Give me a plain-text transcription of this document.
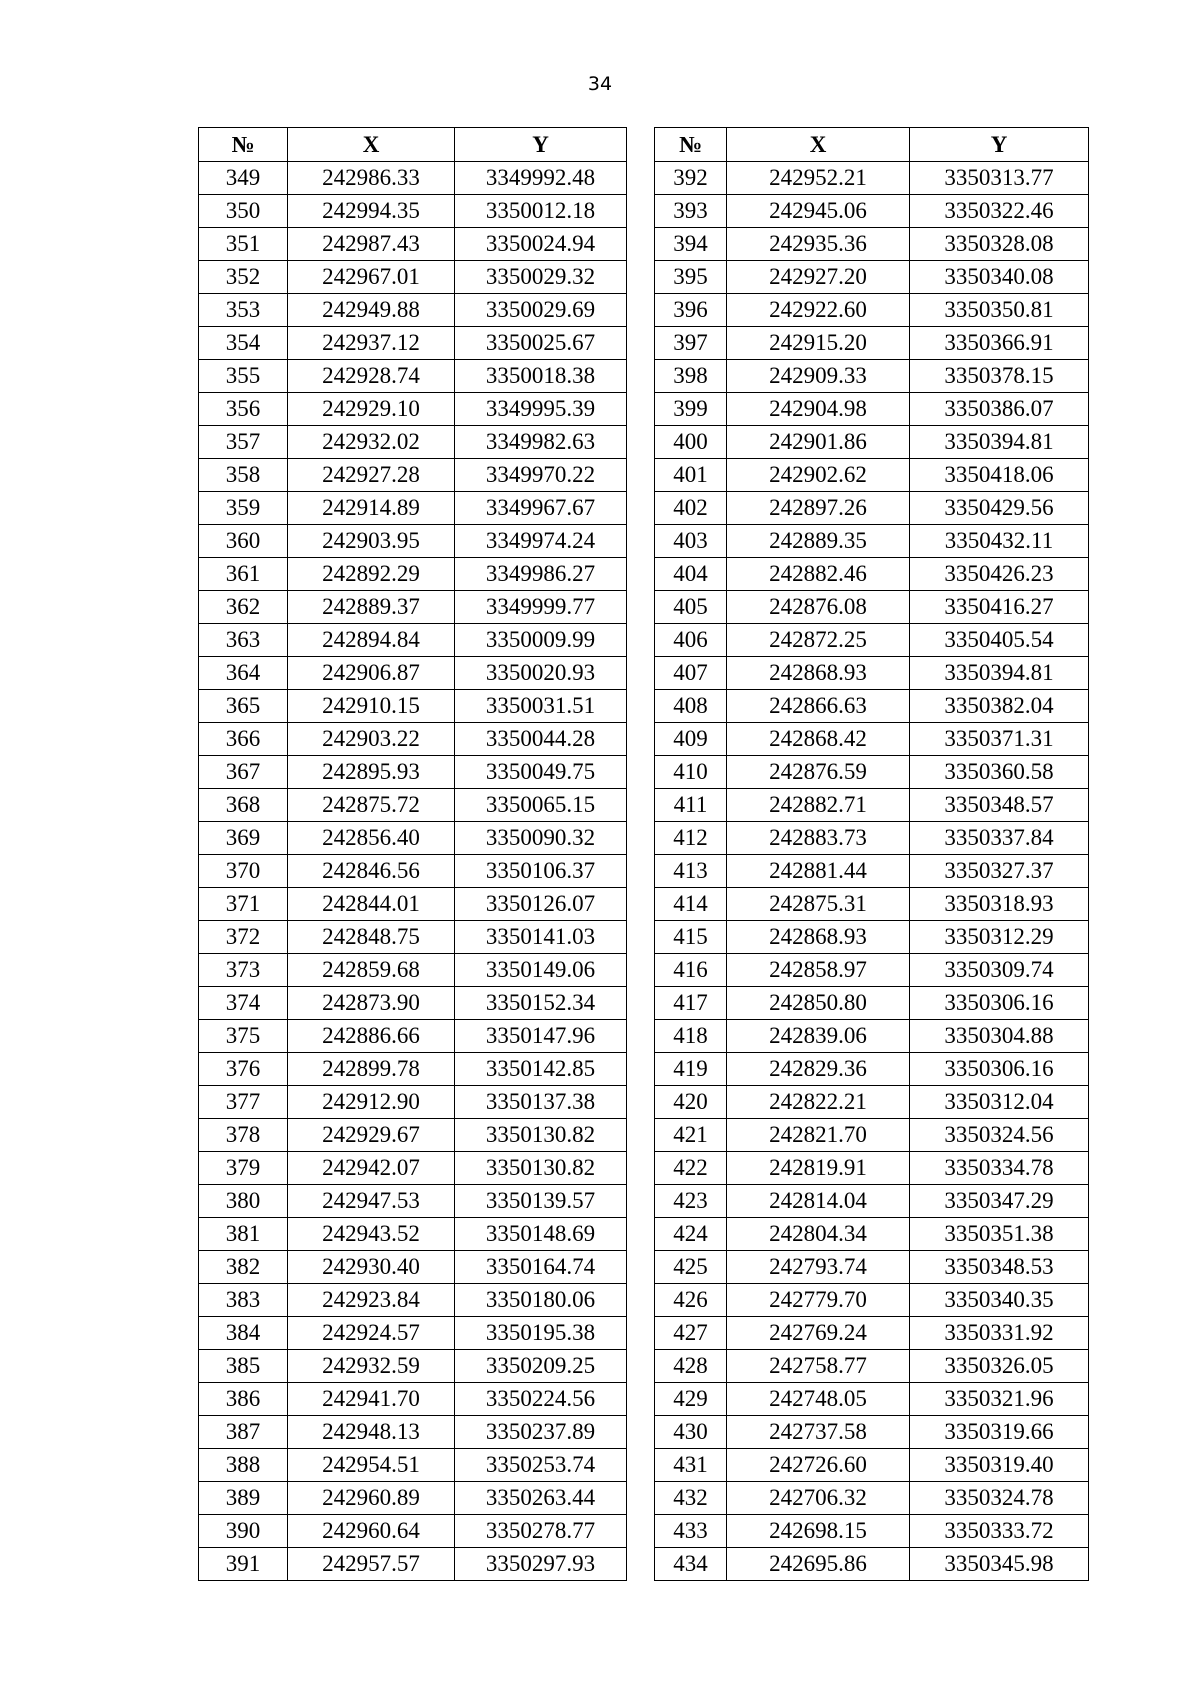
34
№	X	Y		№	X	Y
349	242986.33	3349992.48		392	242952.21	3350313.77
350	242994.35	3350012.18		393	242945.06	3350322.46
351	242987.43	3350024.94		394	242935.36	3350328.08
352	242967.01	3350029.32		395	242927.20	3350340.08
353	242949.88	3350029.69		396	242922.60	3350350.81
354	242937.12	3350025.67		397	242915.20	3350366.91
355	242928.74	3350018.38		398	242909.33	3350378.15
356	242929.10	3349995.39		399	242904.98	3350386.07
357	242932.02	3349982.63		400	242901.86	3350394.81
358	242927.28	3349970.22		401	242902.62	3350418.06
359	242914.89	3349967.67		402	242897.26	3350429.56
360	242903.95	3349974.24		403	242889.35	3350432.11
361	242892.29	3349986.27		404	242882.46	3350426.23
362	242889.37	3349999.77		405	242876.08	3350416.27
363	242894.84	3350009.99		406	242872.25	3350405.54
364	242906.87	3350020.93		407	242868.93	3350394.81
365	242910.15	3350031.51		408	242866.63	3350382.04
366	242903.22	3350044.28		409	242868.42	3350371.31
367	242895.93	3350049.75		410	242876.59	3350360.58
368	242875.72	3350065.15		411	242882.71	3350348.57
369	242856.40	3350090.32		412	242883.73	3350337.84
370	242846.56	3350106.37		413	242881.44	3350327.37
371	242844.01	3350126.07		414	242875.31	3350318.93
372	242848.75	3350141.03		415	242868.93	3350312.29
373	242859.68	3350149.06		416	242858.97	3350309.74
374	242873.90	3350152.34		417	242850.80	3350306.16
375	242886.66	3350147.96		418	242839.06	3350304.88
376	242899.78	3350142.85		419	242829.36	3350306.16
377	242912.90	3350137.38		420	242822.21	3350312.04
378	242929.67	3350130.82		421	242821.70	3350324.56
379	242942.07	3350130.82		422	242819.91	3350334.78
380	242947.53	3350139.57		423	242814.04	3350347.29
381	242943.52	3350148.69		424	242804.34	3350351.38
382	242930.40	3350164.74		425	242793.74	3350348.53
383	242923.84	3350180.06		426	242779.70	3350340.35
384	242924.57	3350195.38		427	242769.24	3350331.92
385	242932.59	3350209.25		428	242758.77	3350326.05
386	242941.70	3350224.56		429	242748.05	3350321.96
387	242948.13	3350237.89		430	242737.58	3350319.66
388	242954.51	3350253.74		431	242726.60	3350319.40
389	242960.89	3350263.44		432	242706.32	3350324.78
390	242960.64	3350278.77		433	242698.15	3350333.72
391	242957.57	3350297.93		434	242695.86	3350345.98
